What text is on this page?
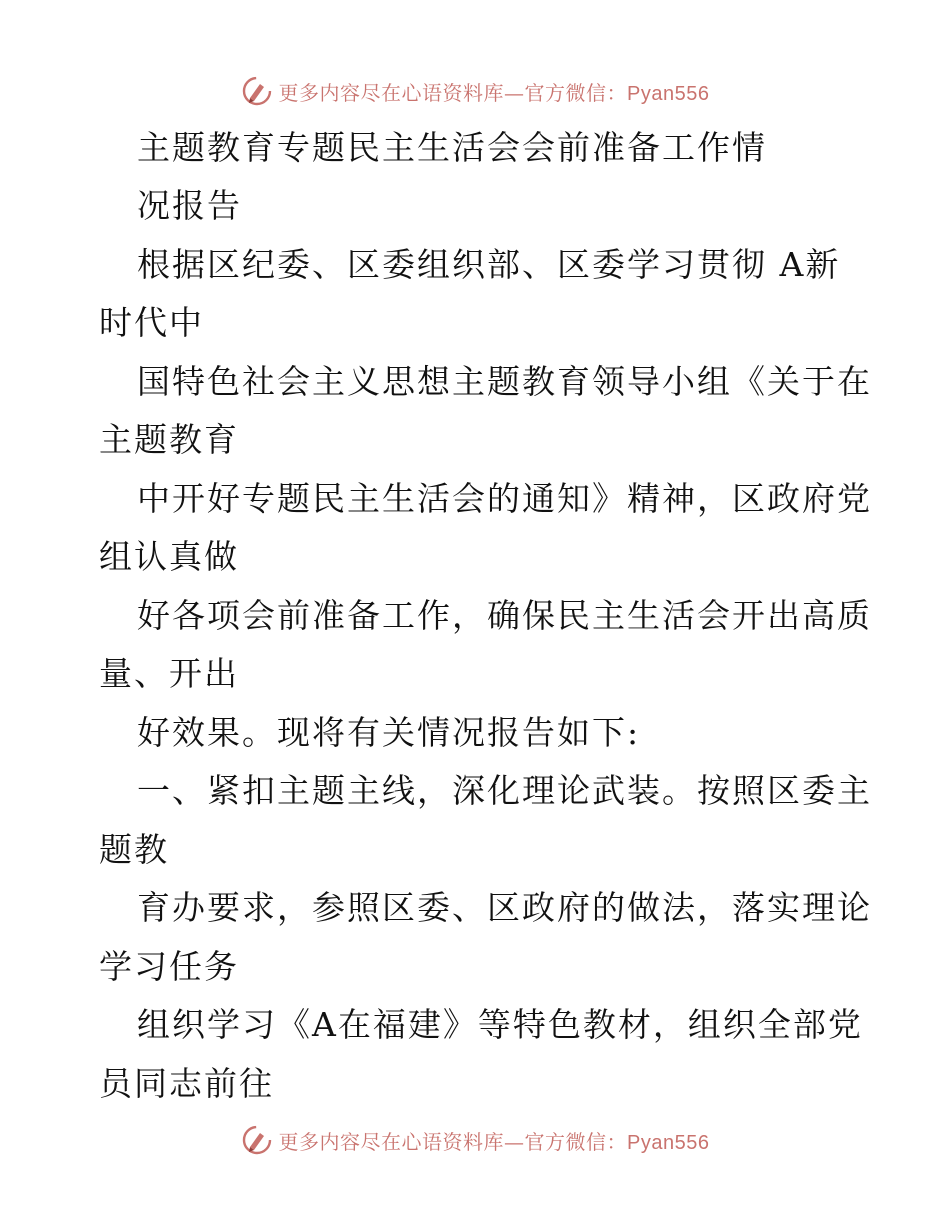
更多内容尽在心语资料库—官方微信：Pyan556
主题教育专题民主生活会会前准备工作情
况报告
根据区纪委、区委组织部、区委学习贯彻 A新
时代中
国特色社会主义思想主题教育领导小组《关于在
主题教育
中开好专题民主生活会的通知》精神，区政府党
组认真做
好各项会前准备工作，确保民主生活会开出高质
量、开出
好效果。现将有关情况报告如下:
一、紧扣主题主线，深化理论武装。按照区委主
题教
育办要求，参照区委、区政府的做法，落实理论
学习任务
组织学习《A在福建》等特色教材，组织全部党
员同志前往
更多内容尽在心语资料库—官方微信：Pyan556
